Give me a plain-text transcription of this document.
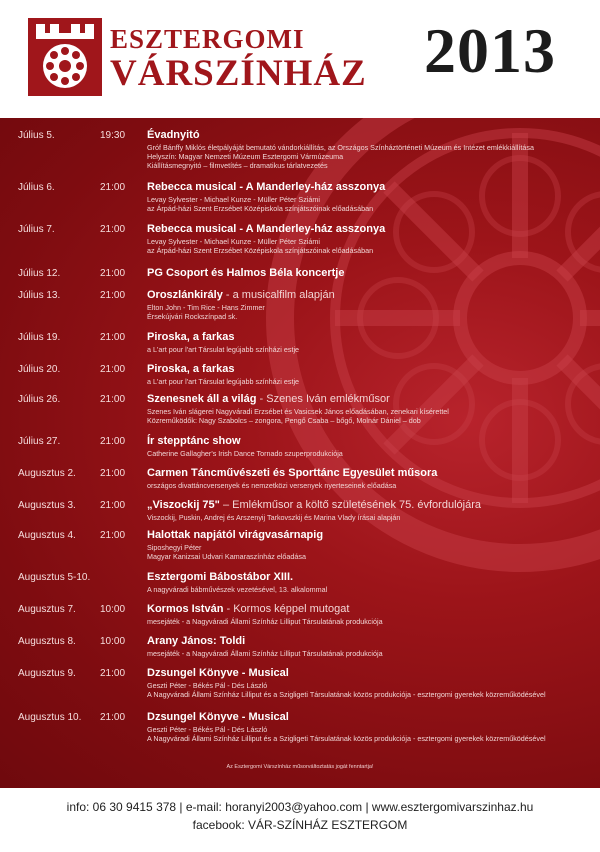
ESZTERGOMI
VÁRSZÍNHÁZ 2013
Július 5.	19:30 Évadnyitó
Gróf Bánffy Miklós életpályáját bemutató vándorkiállítás, az Országos Színháztörténeti Múzeum és Intézet emlékkiállítása
Helyszín: Magyar Nemzeti Múzeum Esztergomi Vármúzeuma
Kiállításmegnyitó – filmvetítés – dramatikus tárlatvezetés
Július 6.	21:00 Rebecca musical - A Manderley-ház asszonya
Levay Sylvester - Michael Kunze - Müller Péter Sziámi
az Árpád-házi Szent Erzsébet Középiskola színjátszóinak előadásában
Július 7.	21:00 Rebecca musical - A Manderley-ház asszonya
Levay Sylvester - Michael Kunze - Müller Péter Sziámi
az Árpád-házi Szent Erzsébet Középiskola színjátszóinak előadásában
Július 12.	21:00 PG Csoport és Halmos Béla koncertje
Július 13.	21:00 Oroszlánkirály - a musicalfilm alapján
Elton John - Tim Rice - Hans Zimmer
Érsekújvári Rockszínpad sk.
Július 19.	21:00 Piroska, a farkas
a L'art pour l'art Társulat legújabb színházi estje
Július 20.	21:00 Piroska, a farkas
a L'art pour l'art Társulat legújabb színházi estje
Július 26.	21:00 Szenesnek áll a világ - Szenes Iván emlékműsor
Szenes Iván slágerei Nagyváradi Erzsébet és Vasicsek János előadásában, zenekari kísérettel
Közreműködők: Nagy Szabolcs – zongora, Pengő Csaba – bőgő, Molnár Dániel – dob
Július 27.	21:00 Ír stepptánc show
Catherine Gallagher's Irish Dance Tornado szuperprodukciója
Augusztus 2. 21:00 Carmen Táncművészeti és Sporttánc Egyesület műsora
országos divattáncversenyek és nemzetközi versenyek nyerteseinek előadása
Augusztus 3. 21:00 „Viszockij 75" – Emlékműsor a költő születésének 75. évfordulójára
Viszockij, Puskin, Andrej és Arszenyij Tarkovszkij és Marina Vlady írásai alapján
Augusztus 4. 21:00 Halottak napjától virágvasárnapig
Siposhegyi Péter
Magyar Kanizsai Udvari Kamaraszínház előadása
Augusztus 5-10.	Esztergomi Bábostábor XIII.
A nagyváradi bábművészek vezetésével, 13. alkalommal
Augusztus 7. 10:00 Kormos István - Kormos képpel mutogat
mesejáték - a Nagyváradi Állami Színház Lilliput Társulatának produkciója
Augusztus 8. 10:00 Arany János: Toldi
mesejáték - a Nagyváradi Állami Színház Lilliput Társulatának produkciója
Augusztus 9. 21:00 Dzsungel Könyve - Musical
Geszti Péter - Békés Pál - Dés László
A Nagyváradi Állami Színház Lilliput és a Szigligeti Társulatának közös produkciója - esztergomi gyerekek közreműködésével
Augusztus 10. 21:00 Dzsungel Könyve - Musical
Geszti Péter - Békés Pál - Dés László
A Nagyváradi Állami Színház Lilliput és a Szigligeti Társulatának közös produkciója - esztergomi gyerekek közreműködésével
Az Esztergomi Várszínház műsorváltoztatás jogát fenntartja!
info: 06 30 9415 378 | e-mail: horanyi2003@yahoo.com | www.esztergomivarszinhaz.hu
facebook: VÁR-SZÍNHÁZ ESZTERGOM
